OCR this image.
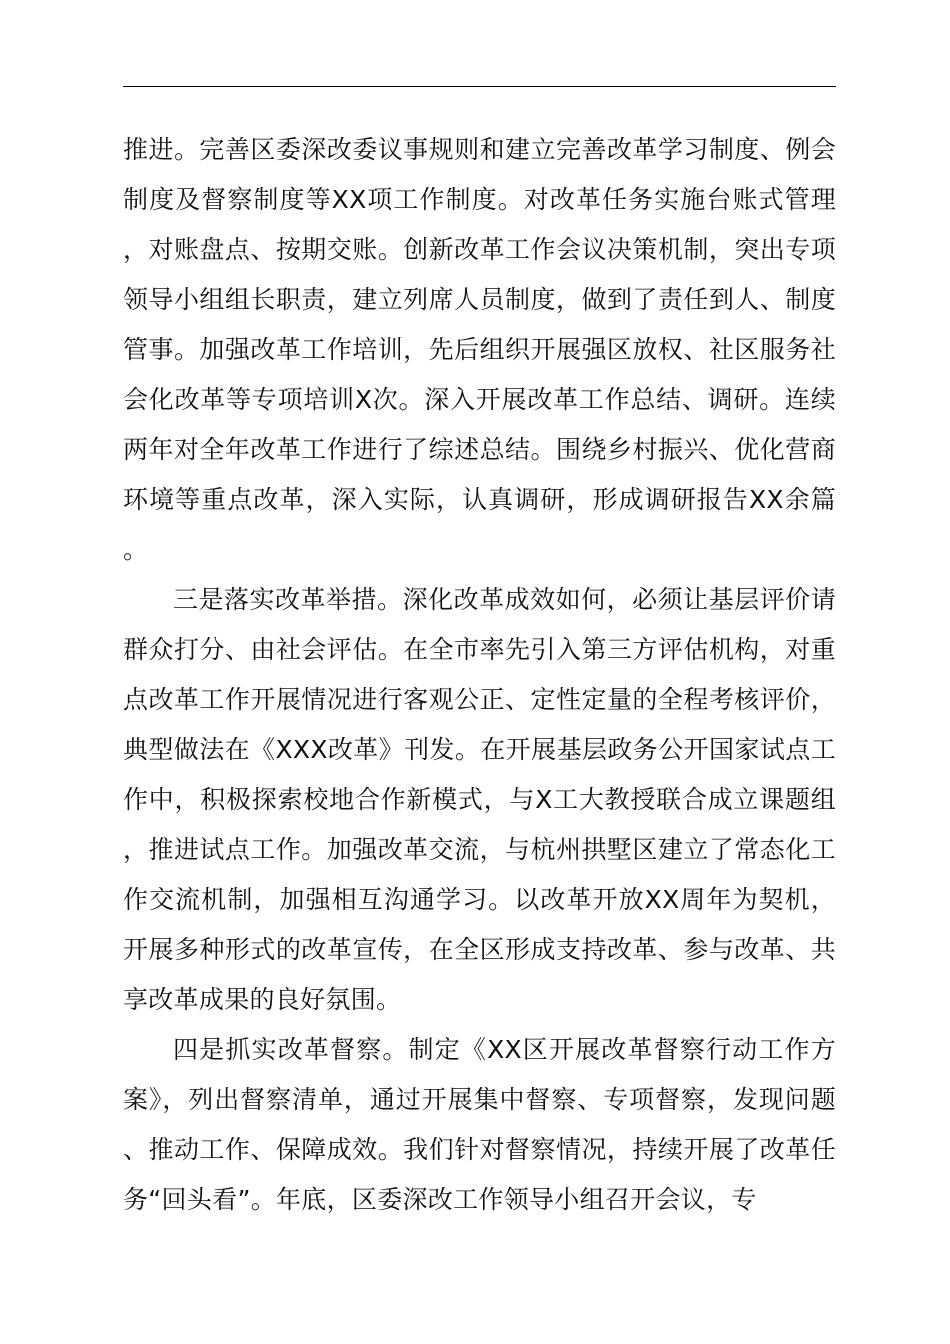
推进。完善区委深改委议事规则和建立完善改革学习制度、例会制度及督察制度等XX项工作制度。对改革任务实施台账式管理，对账盘点、按期交账。创新改革工作会议决策机制，突出专项领导小组组长职责，建立列席人员制度，做到了责任到人、制度管事。加强改革工作培训，先后组织开展强区放权、社区服务社会化改革等专项培训X次。深入开展改革工作总结、调研。连续两年对全年改革工作进行了综述总结。围绕乡村振兴、优化营商环境等重点改革，深入实际，认真调研，形成调研报告XX余篇。

三是落实改革举措。深化改革成效如何，必须让基层评价请群众打分、由社会评估。在全市率先引入第三方评估机构，对重点改革工作开展情况进行客观公正、定性定量的全程考核评价，典型做法在《XXX改革》刊发。在开展基层政务公开国家试点工作中，积极探索校地合作新模式，与X工大教授联合成立课题组，推进试点工作。加强改革交流，与杭州拱墅区建立了常态化工作交流机制，加强相互沟通学习。以改革开放XX周年为契机，开展多种形式的改革宣传，在全区形成支持改革、参与改革、共享改革成果的良好氛围。

四是抓实改革督察。制定《XX区开展改革督察行动工作方案》，列出督察清单，通过开展集中督察、专项督察，发现问题、推动工作、保障成效。我们针对督察情况，持续开展了改革任务“回头看”。年底，区委深改工作领导小组召开会议，专
